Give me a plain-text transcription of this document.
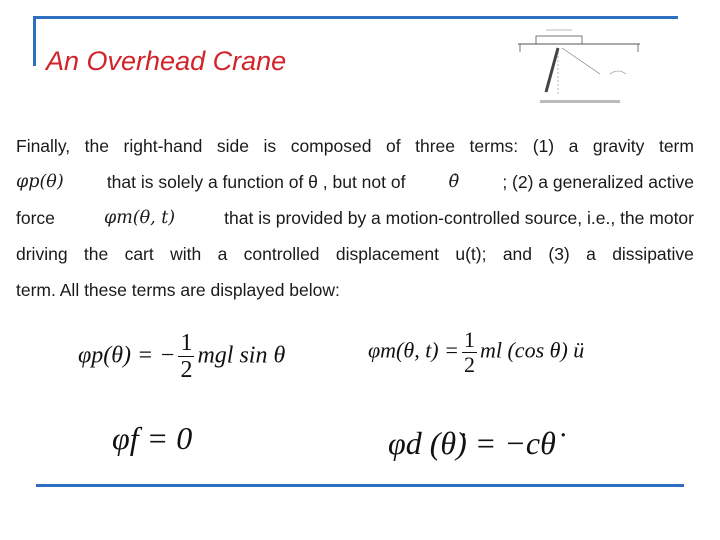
An Overhead Crane
Finally, the right-hand side is composed of three terms: (1) a gravity term
φp(θ) that is solely a function of θ , but not of θ̇ ; (2) a generalized active
force	φm(θ, t)	that is provided by a motion-controlled source, i.e., the motor
driving the cart with a controlled displacement u(t); and (3) a dissipative
term. All these terms are displayed below:
φp(θ) = − $\frac{1}{2}$ mgl sin θ	φm(θ, $t) = \frac{1}{2}$ ml (cos θ) ü
φf = 0	φd (θ̇) = −cθ̇
